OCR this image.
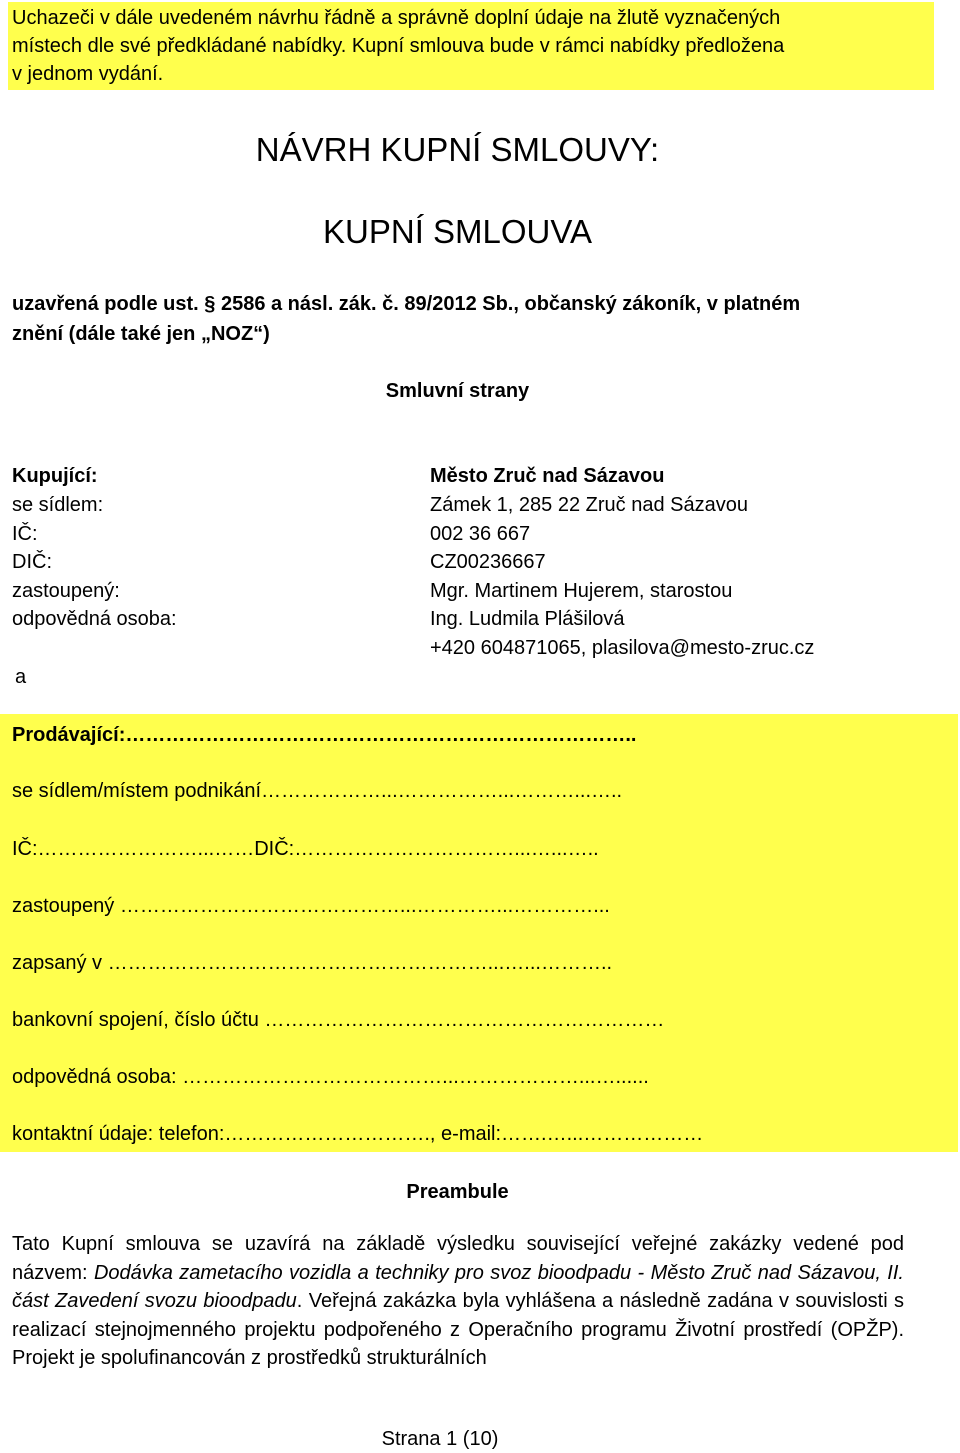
Uchazeči v dále uvedeném návrhu řádně a správně doplní údaje na žlutě vyznačených
místech dle své předkládané nabídky. Kupní smlouva bude v rámci nabídky předložena
v jednom vydání.
NÁVRH KUPNÍ SMLOUVY:
KUPNÍ SMLOUVA
uzavřená podle ust. § 2586 a násl. zák. č. 89/2012 Sb., občanský zákoník, v platném
znění (dále také jen „NOZ“)
Smluvní strany
Kupující:	Město Zruč nad Sázavou
se sídlem:	Zámek 1, 285 22 Zruč nad Sázavou
IČ:	002 36 667
DIČ:	CZ00236667
zastoupený:	Mgr. Martinem Hujerem, starostou
odpovědná osoba:	Ing. Ludmila Plášilová
+420 604871065, plasilova@mesto-zruc.cz
a
Prodávající:…………………………………………………………………..
se sídlem/místem podnikání………………...……………...………...…..
IČ:……………………...……DIČ:……………………………...…...…..
zastoupený ……………………………………...…………...…………...
zapsaný v …………………………………………………...…...………..
bankovní spojení, číslo účtu ……………………………………………………
odpovědná osoba: …………………………………...………………...…......
kontaktní údaje: telefon:…………………………., e-mail:…….…...………………
Preambule
Tato Kupní smlouva se uzavírá na základě výsledku související veřejné zakázky vedené pod názvem: Dodávka zametacího vozidla a techniky pro svoz bioodpadu - Město Zruč nad Sázavou, II. část Zavedení svozu bioodpadu. Veřejná zakázka byla vyhlášena a následně zadána v souvislosti s realizací stejnojmenného projektu podpořeného z Operačního programu Životní prostředí (OPŽP). Projekt je spolufinancován z prostředků strukturálních
Strana 1 (10)
